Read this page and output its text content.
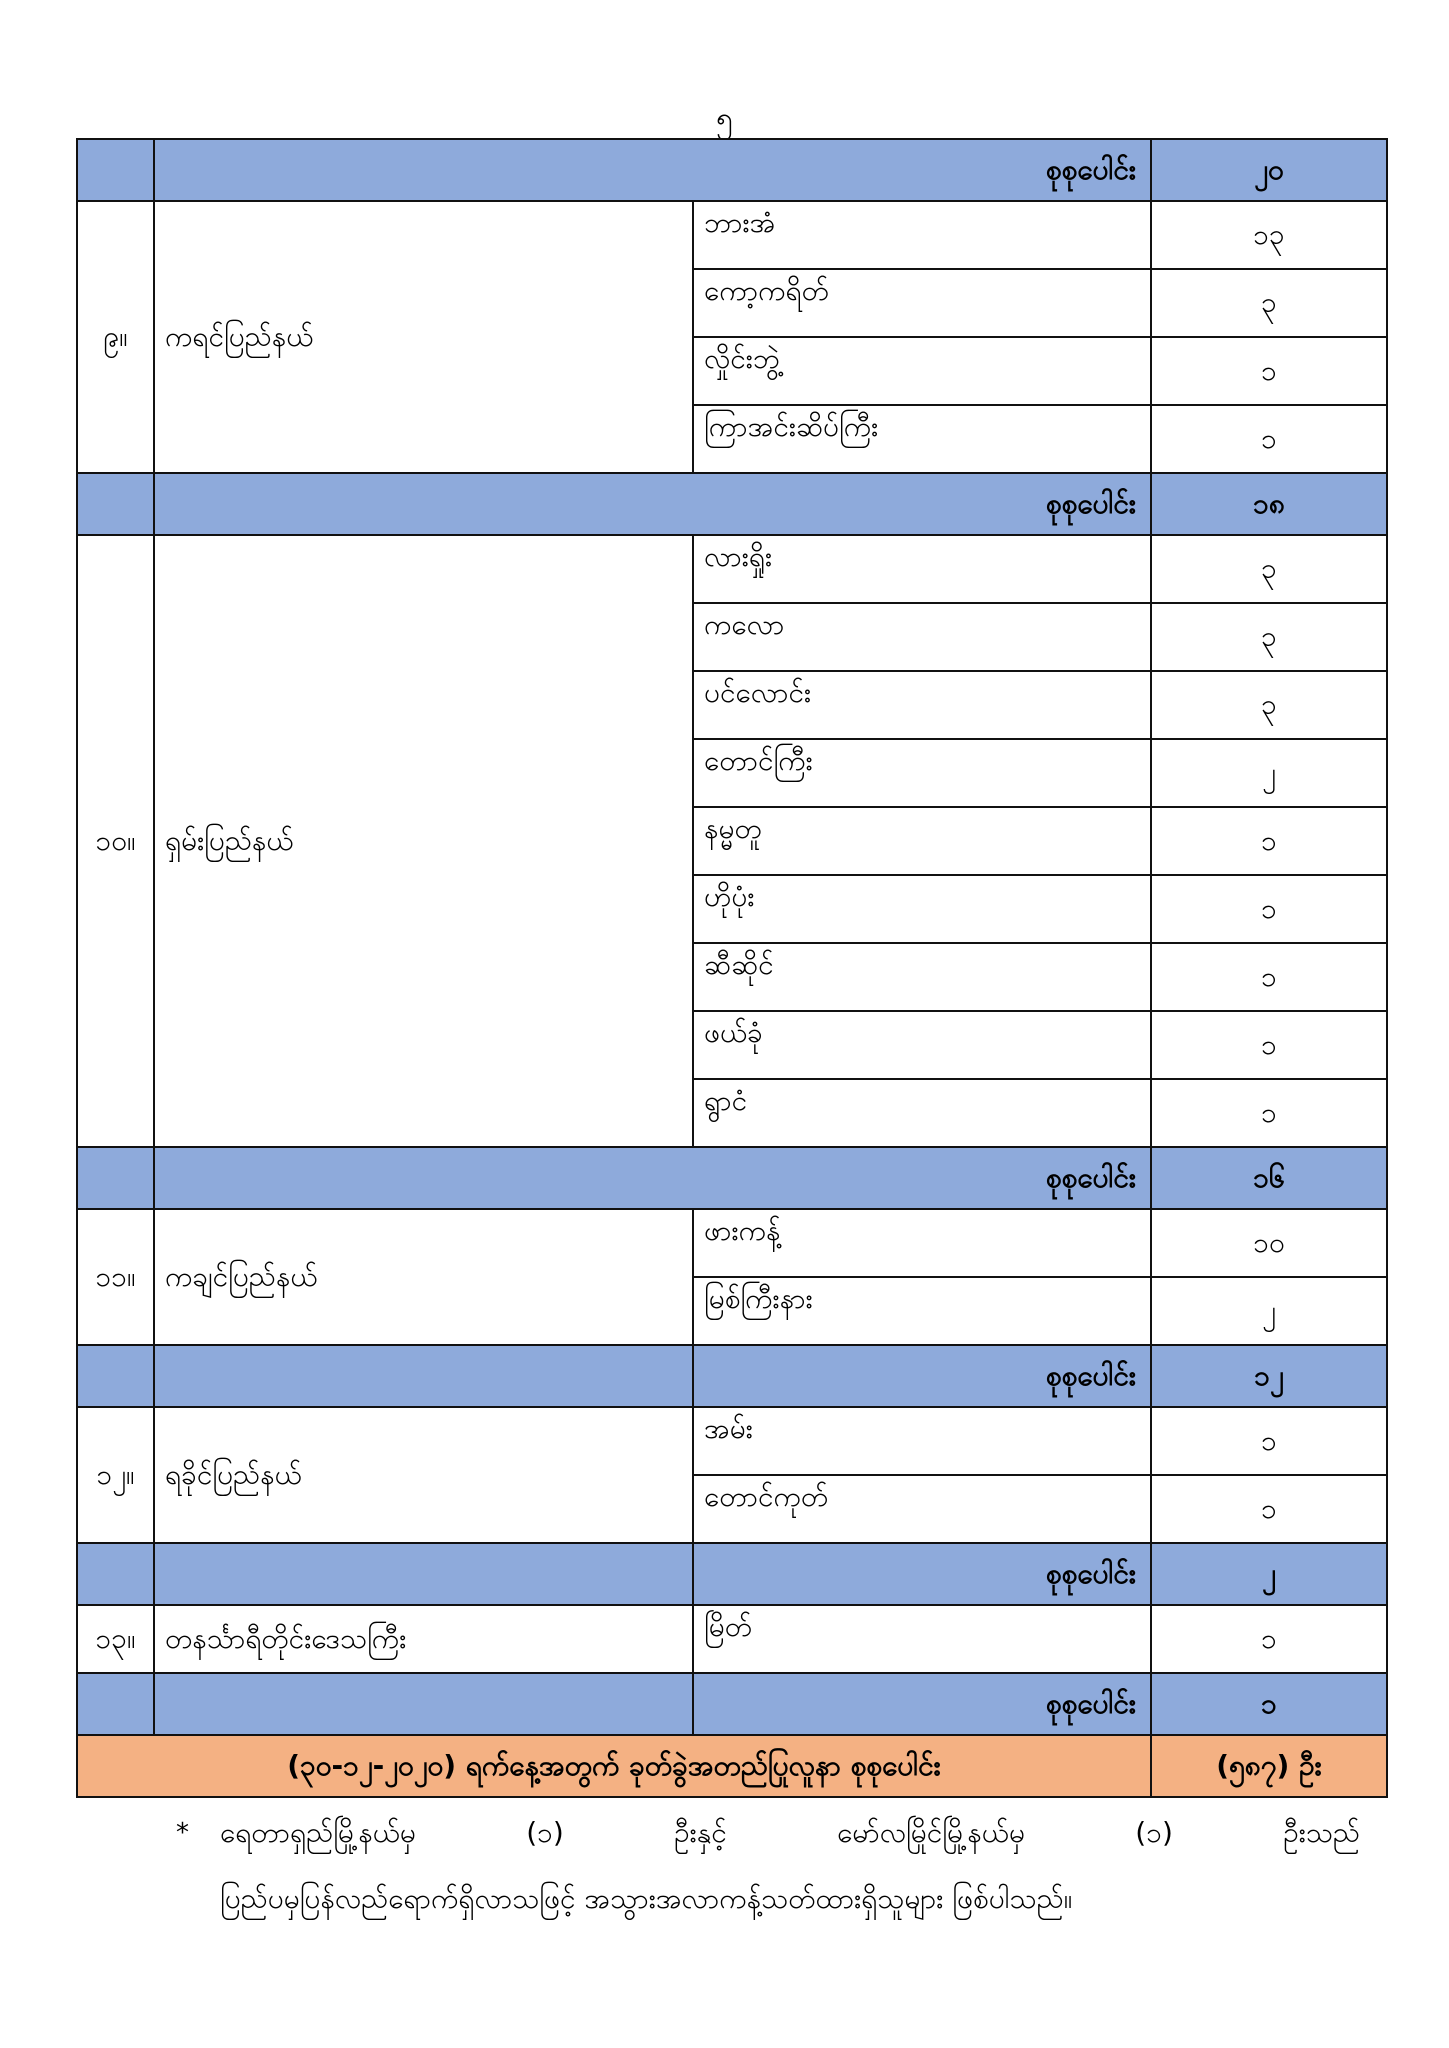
၅
	စုစုပေါင်း		၂၀
၉။	ကရင်ပြည်နယ်	ဘားအံ	၁၃
		ကော့ကရိတ်	၃
		လှိုင်းဘွဲ့	၁
		ကြာအင်းဆိပ်ကြီး	၁
	စုစုပေါင်း		၁၈
၁၀။	ရှမ်းပြည်နယ်	လားရှိုး	၃
		ကလော	၃
		ပင်လောင်း	၃
		တောင်ကြီး	၂
		နမ္မတူ	၁
		ဟိုပုံး	၁
		ဆီဆိုင်	၁
		ဖယ်ခုံ	၁
		ရွာငံ	၁
	စုစုပေါင်း		၁၆
၁၁။	ကချင်ပြည်နယ်	ဖားကန့်	၁၀
		မြစ်ကြီးနား	၂
		စုစုပေါင်း	၁၂
၁၂။	ရခိုင်ပြည်နယ်	အမ်း	၁
		တောင်ကုတ်	၁
		စုစုပေါင်း	၂
၁၃။	တနင်္သာရီတိုင်းဒေသကြီး	မြိတ်	၁
		စုစုပေါင်း	၁
(၃၀-၁၂-၂၀၂၀) ရက်နေ့အတွက် ခုတ်ခွဲအတည်ပြုလူနာ စုစုပေါင်း			(၅၈၇) ဦး
* ရေတာရှည်မြို့နယ်မှ	(၁)	ဦးနှင့်	မော်လမြိုင်မြို့နယ်မှ	(၁)	ဦးသည်
ပြည်ပမှပြန်လည်ရောက်ရှိလာသဖြင့် အသွားအလာကန့်သတ်ထားရှိသူများ ဖြစ်ပါသည်။
